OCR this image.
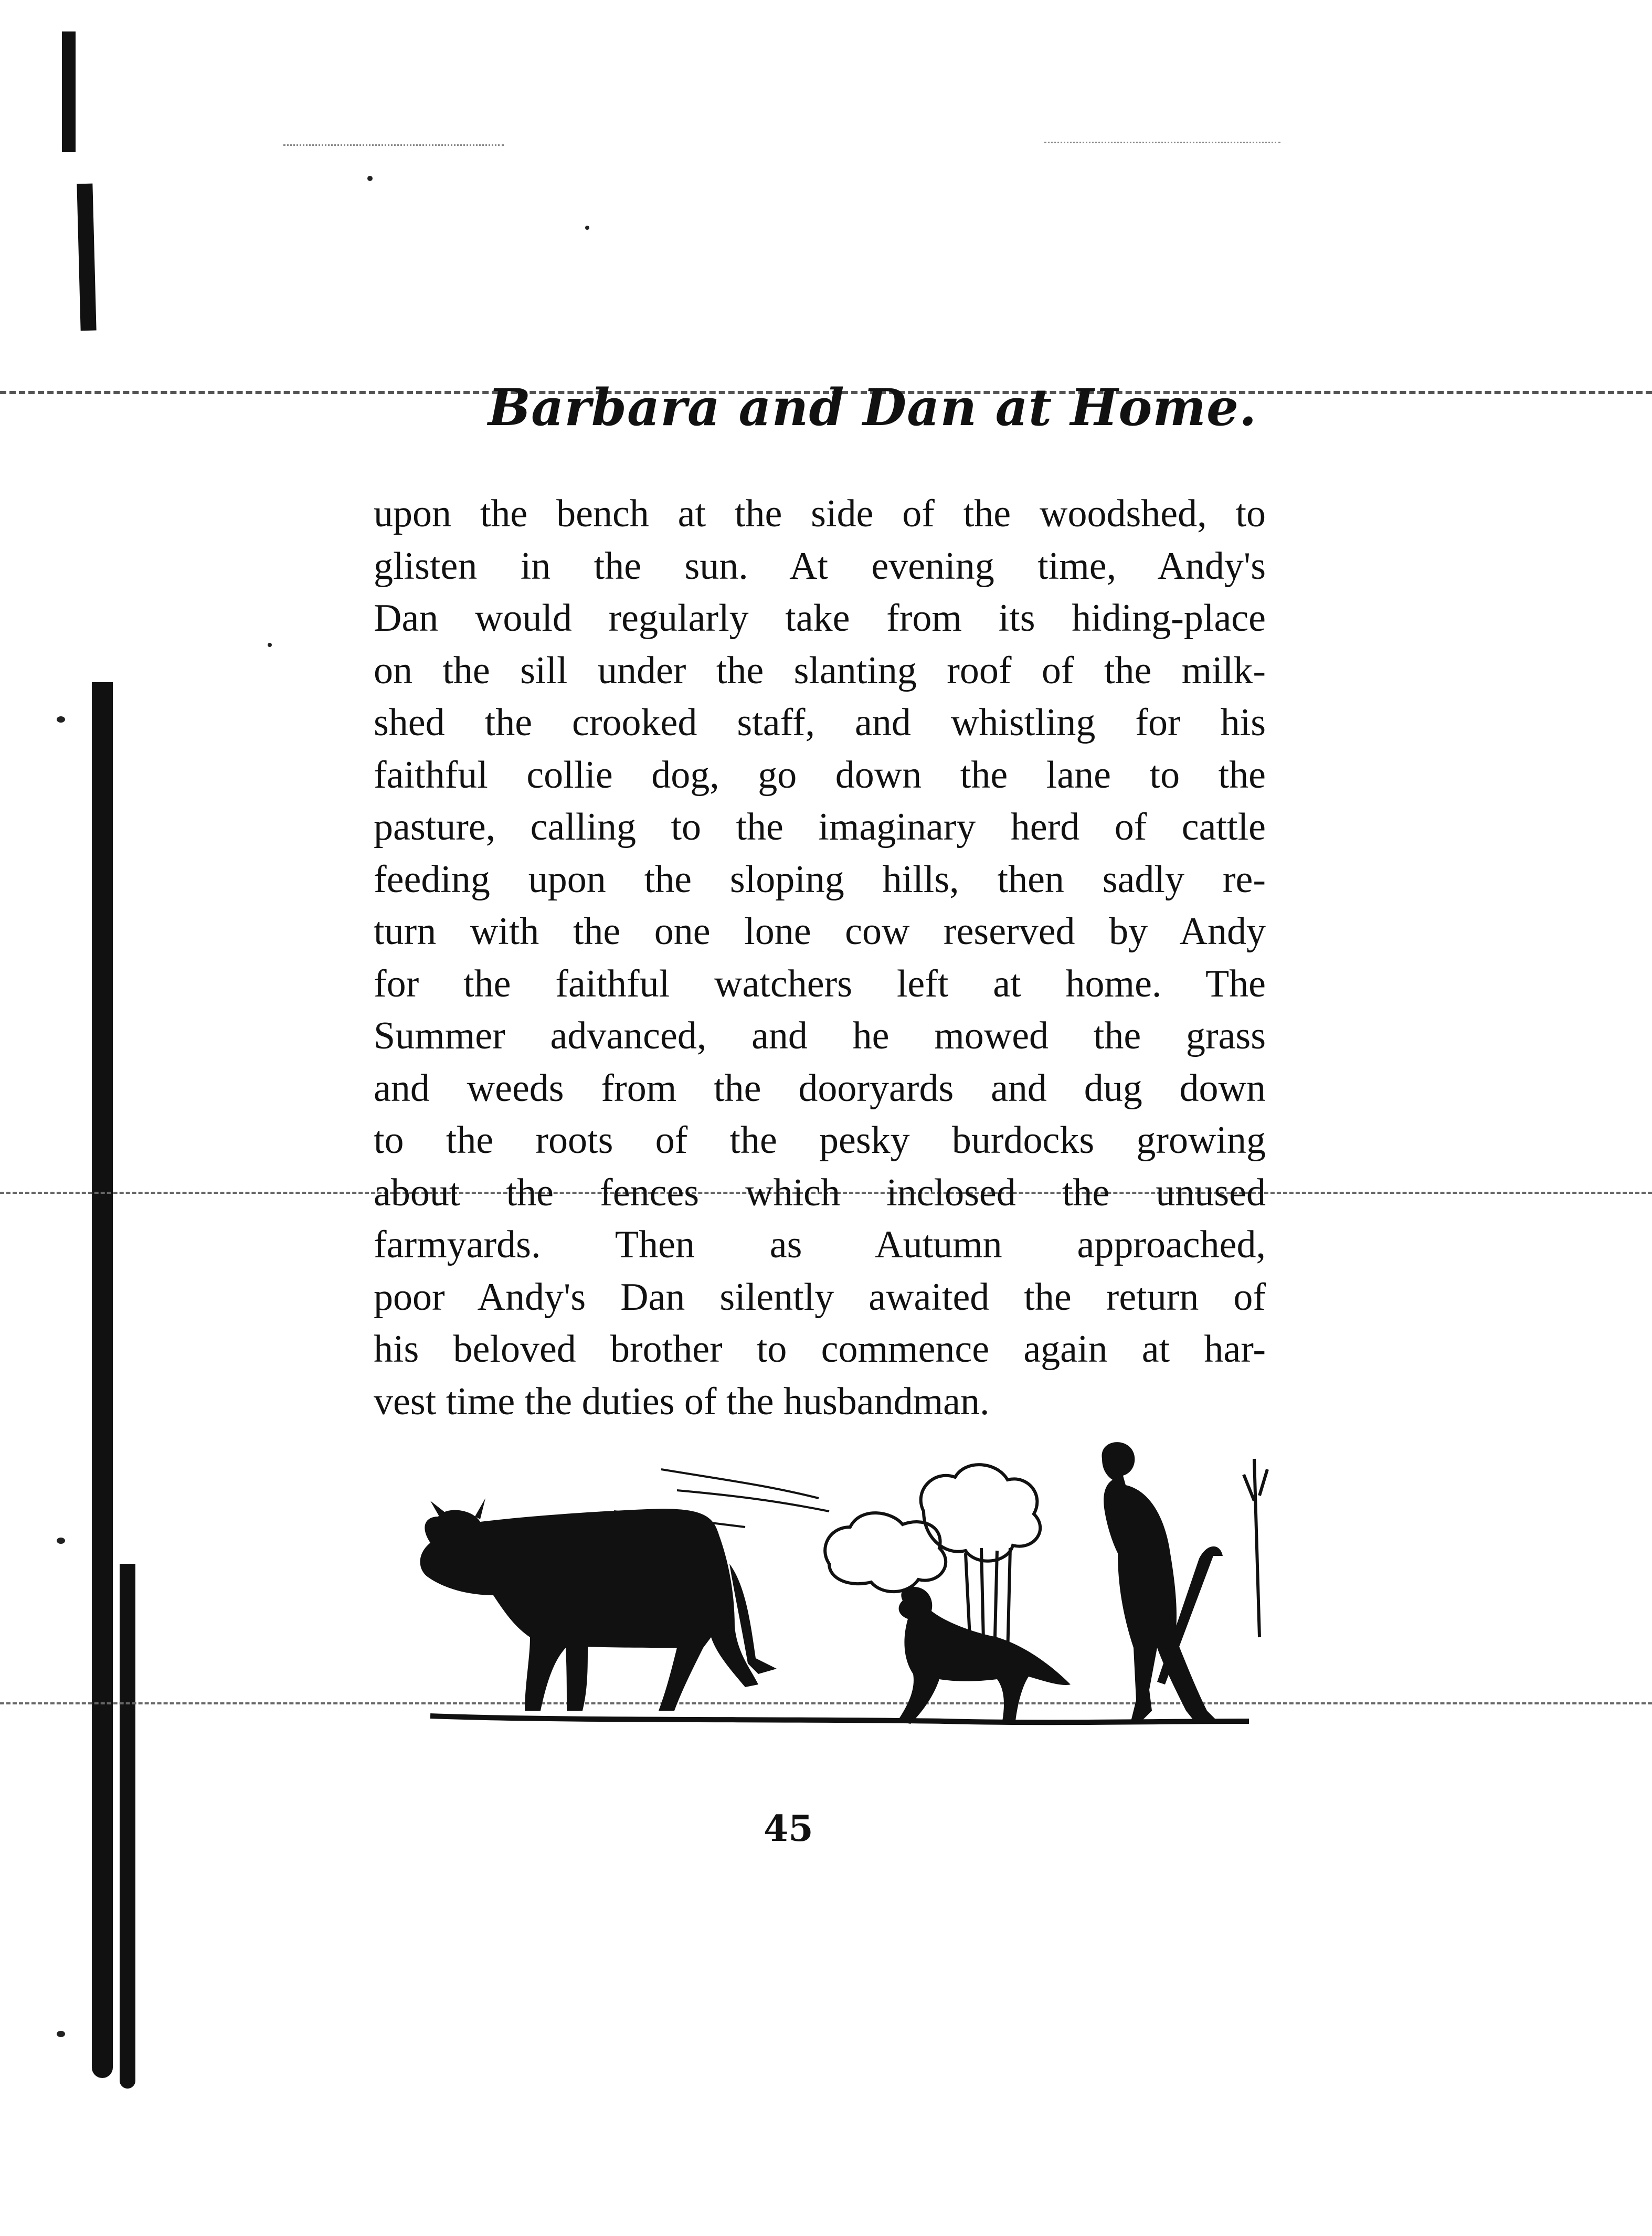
Barbara and Dan at Home.
upon the bench at the side of the woodshed, to
glisten in the sun. At evening time, Andy's
Dan would regularly take from its hiding-place
on the sill under the slanting roof of the milk-
shed the crooked staff, and whistling for his
faithful collie dog, go down the lane to the
pasture, calling to the imaginary herd of cattle
feeding upon the sloping hills, then sadly re-
turn with the one lone cow reserved by Andy
for the faithful watchers left at home. The
Summer advanced, and he mowed the grass
and weeds from the dooryards and dug down
to the roots of the pesky burdocks growing
about the fences which inclosed the unused
farmyards. Then as Autumn approached,
poor Andy's Dan silently awaited the return of
his beloved brother to commence again at har-
vest time the duties of the husbandman.
45
